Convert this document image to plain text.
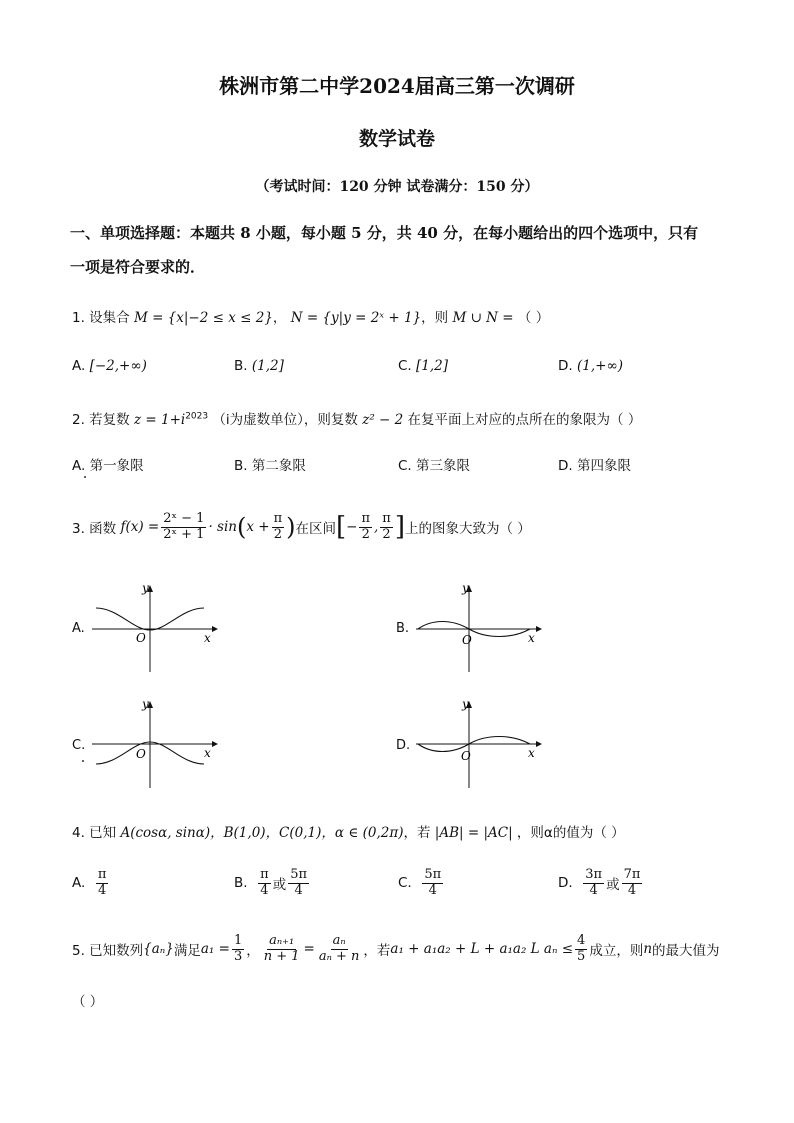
株洲市第二中学2024届高三第一次调研
数学试卷
（考试时间：120 分钟 试卷满分：150 分）
一、单项选择题：本题共 8 小题，每小题 5 分，共 40 分，在每小题给出的四个选项中，只有
一项是符合要求的．
1. 设集合 M = {x|−2 ≤ x ≤ 2}， N = {y|y = 2ˣ + 1}，则 M ∪ N = （ ）
A. [−2,+∞)	B. (1,2]	C. [1,2]	D. (1,+∞)
2. 若复数 $z = 1+i^{2023}$ （i为虚数单位），则复数 z² − 2 在复平面上对应的点所在的象限为（ ）
A. 第一象限	B. 第二象限	C. 第三象限	D. 第四象限
3. 函数
$f(x) = \frac{\text{2ˣ − 1}}{\text{2ˣ + 1}} \cdot \sin$ ( $x + \frac{\pi}{2}$ ) 在区间 [ − $\frac{\pi}{2}$ , $\frac{\pi}{2}$ ] 上的图象大致为（ ）
A.	B.
C.	D.
y
x
O
y
x
O
y
x
O
y
x
O
4. 已知 A(cosα, sinα)，B(1,0)，C(0,1)，α ∈ (0,2π)，若 |AB| = |AC| ，则α的值为（ ）
A.
$\frac{\pi}{4}$	B.
$\frac{\pi}{4}$ 或 $\frac{5\pi}{4}$	C.
$\frac{5\pi}{4}$	D.
$\frac{3\pi}{4}$ 或 $\frac{7\pi}{4}$
5. 已知数列 {aₙ} 满足 $a_1 = \frac{1}{3}$ ， $\frac{\text{aₙ₊₁}}{n + 1} = \frac{\text{aₙ}}{\text{aₙ + n}}$ ，若 a₁ + a₁a₂ + L + a₁a₂ L $a_n \le \frac{4}{5}$ 成立，则 n 的最大值为
（ ）
